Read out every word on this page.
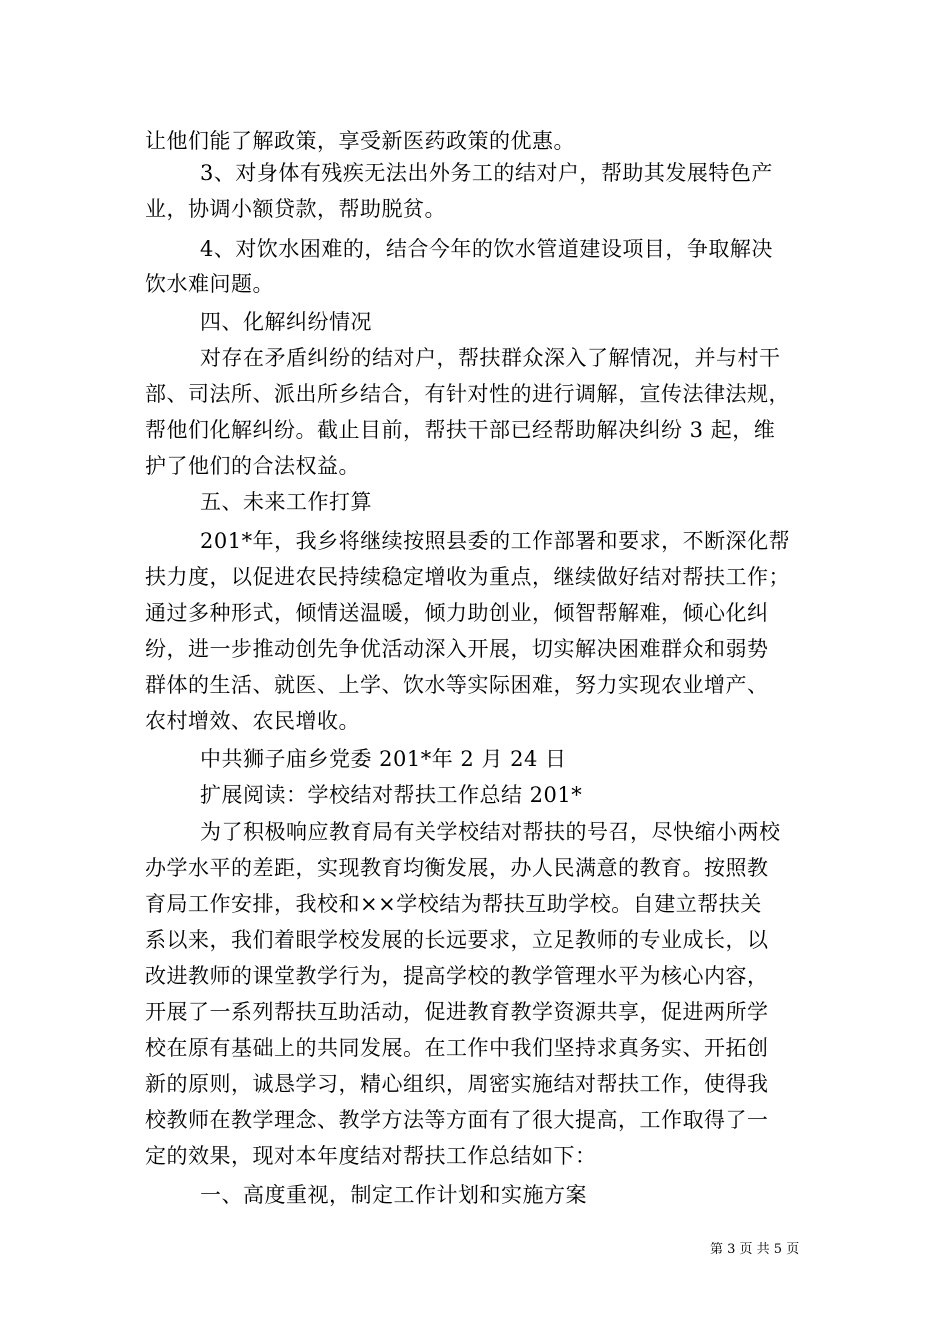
让他们能了解政策，享受新医药政策的优惠。
3、对身体有残疾无法出外务工的结对户，帮助其发展特色产
业，协调小额贷款，帮助脱贫。
4、对饮水困难的，结合今年的饮水管道建设项目，争取解决
饮水难问题。
四、化解纠纷情况
对存在矛盾纠纷的结对户，帮扶群众深入了解情况，并与村干
部、司法所、派出所乡结合，有针对性的进行调解，宣传法律法规，
帮他们化解纠纷。截止目前，帮扶干部已经帮助解决纠纷 3 起，维
护了他们的合法权益。
五、未来工作打算
201*年，我乡将继续按照县委的工作部署和要求，不断深化帮
扶力度，以促进农民持续稳定增收为重点，继续做好结对帮扶工作；
通过多种形式，倾情送温暖，倾力助创业，倾智帮解难，倾心化纠
纷，进一步推动创先争优活动深入开展，切实解决困难群众和弱势
群体的生活、就医、上学、饮水等实际困难，努力实现农业增产、
农村增效、农民增收。
中共狮子庙乡党委 201*年 2 月 24 日
扩展阅读：学校结对帮扶工作总结 201*
为了积极响应教育局有关学校结对帮扶的号召，尽快缩小两校
办学水平的差距，实现教育均衡发展，办人民满意的教育。按照教
育局工作安排，我校和××学校结为帮扶互助学校。自建立帮扶关
系以来，我们着眼学校发展的长远要求，立足教师的专业成长，以
改进教师的课堂教学行为，提高学校的教学管理水平为核心内容，
开展了一系列帮扶互助活动，促进教育教学资源共享，促进两所学
校在原有基础上的共同发展。在工作中我们坚持求真务实、开拓创
新的原则，诚恳学习，精心组织，周密实施结对帮扶工作，使得我
校教师在教学理念、教学方法等方面有了很大提高，工作取得了一
定的效果，现对本年度结对帮扶工作总结如下：
一、高度重视，制定工作计划和实施方案
第 3 页 共 5 页
